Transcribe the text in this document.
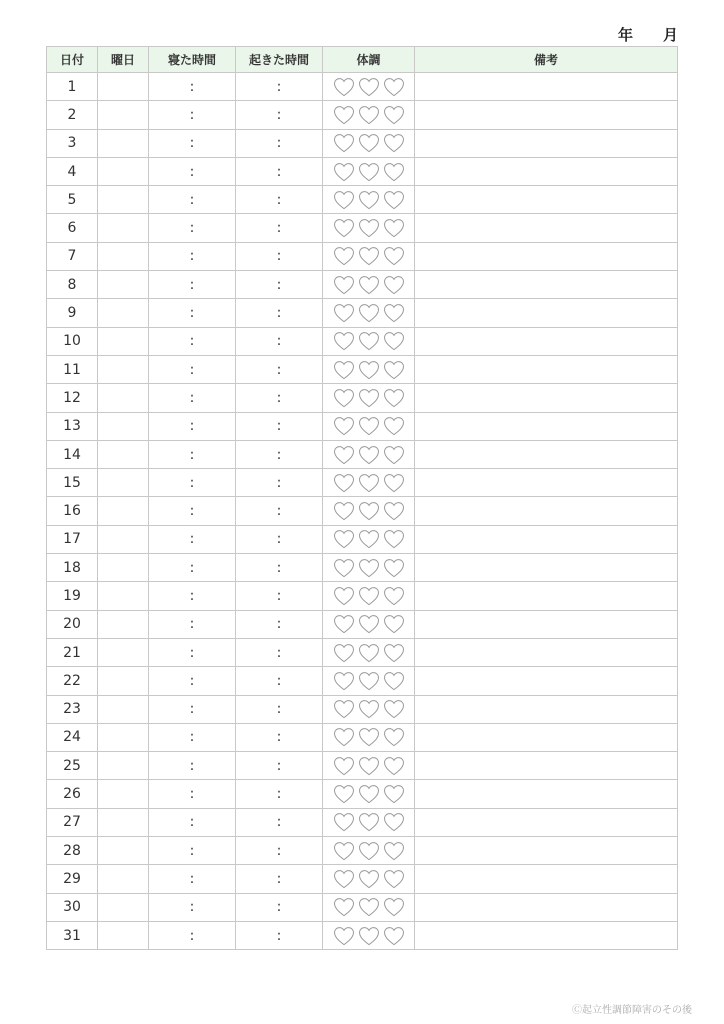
年 月
日付	曜日	寝た時間	起きた時間	体調	備考
1		:	:	

2		:	:	

3		:	:	

4		:	:	

5		:	:	

6		:	:	

7		:	:	

8		:	:	

9		:	:	

10		:	:	

11		:	:	

12		:	:	

13		:	:	

14		:	:	

15		:	:	

16		:	:	

17		:	:	

18		:	:	

19		:	:	

20		:	:	

21		:	:	

22		:	:	

23		:	:	

24		:	:	

25		:	:	

26		:	:	

27		:	:	

28		:	:	

29		:	:	

30		:	:	

31		:	:	

Ⓒ起立性調節障害のその後
